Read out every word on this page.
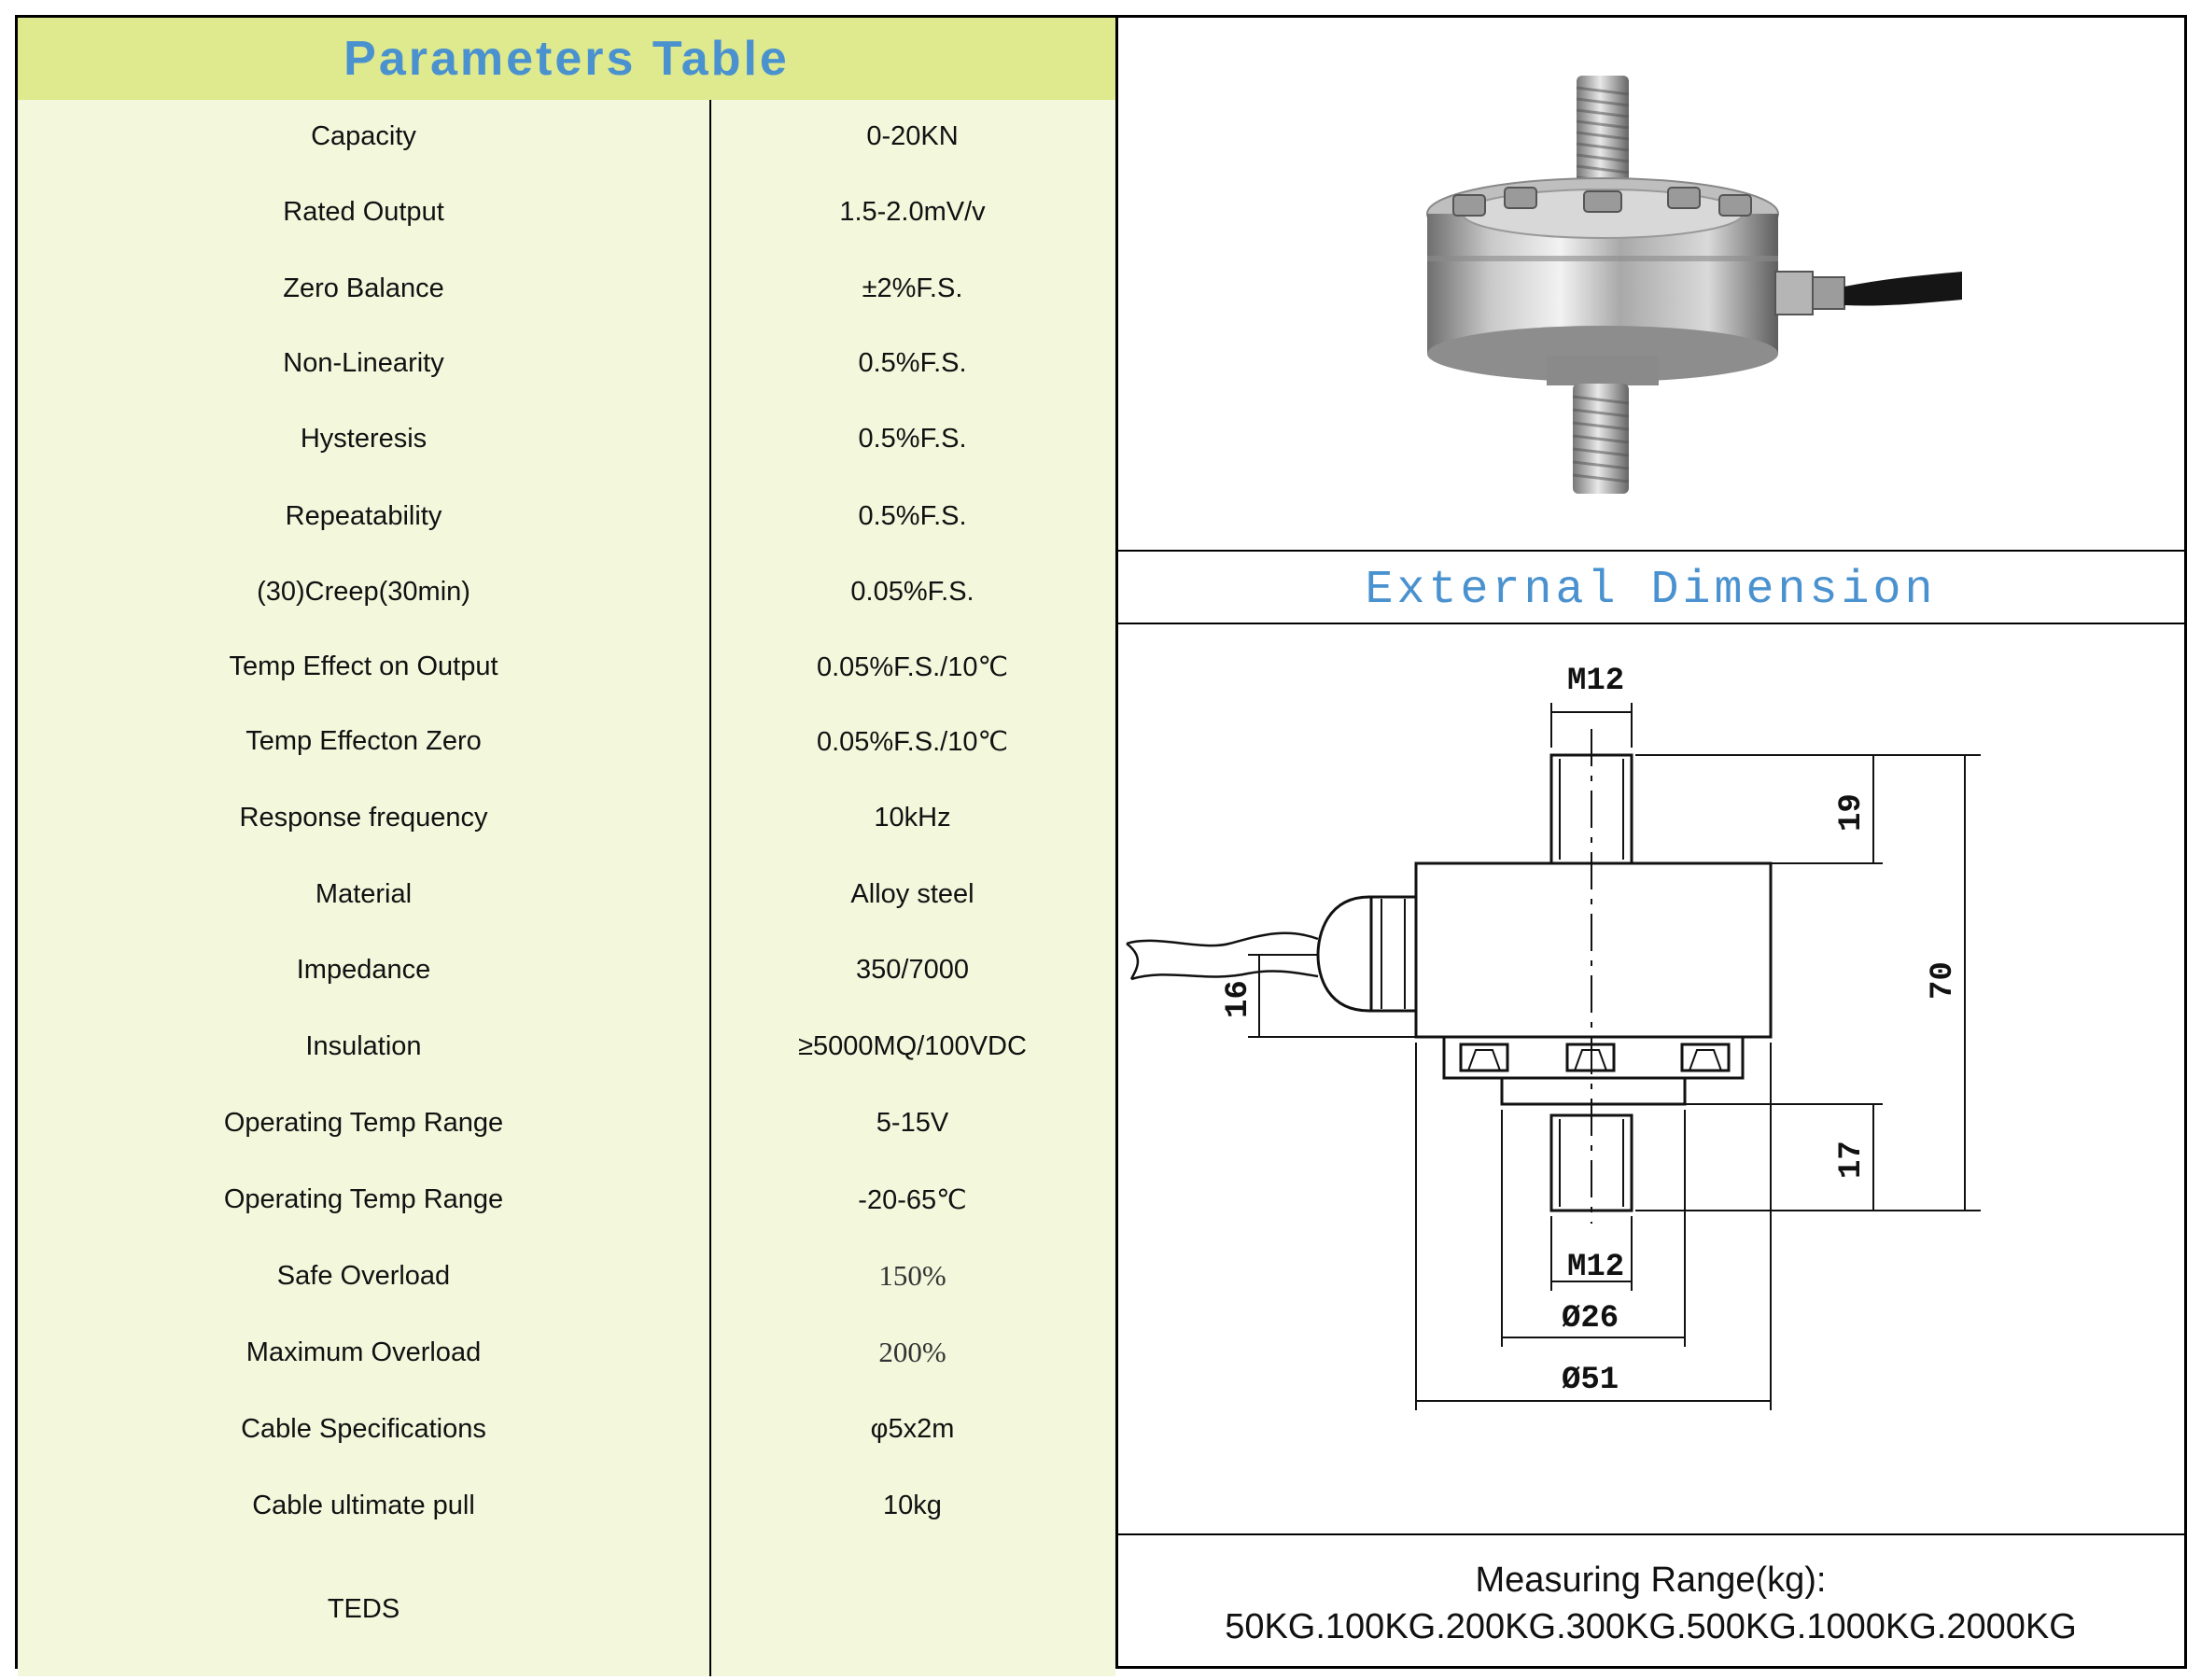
Parameters Table
Capacity	0-20KN
Rated Output	1.5-2.0mV/v
Zero Balance	±2%F.S.
Non-Linearity	0.5%F.S.
Hysteresis	0.5%F.S.
Repeatability	0.5%F.S.
(30)Creep(30min)	0.05%F.S.
Temp Effect on Output	0.05%F.S./10℃
Temp Effecton Zero	0.05%F.S./10℃
Response frequency	10kHz
Material	Alloy steel
Impedance	350/7000
Insulation	≥5000MQ/100VDC
Operating Temp Range	5-15V
Operating Temp Range	-20-65℃
Safe Overload	150%
Maximum Overload	200%
Cable Specifications	φ5x2m
Cable ultimate pull	10kg
TEDS
External Dimension
M12
19
70
16
17
M12
Ø26
Ø51
Measuring Range(kg):
50KG.100KG.200KG.300KG.500KG.1000KG.2000KG
